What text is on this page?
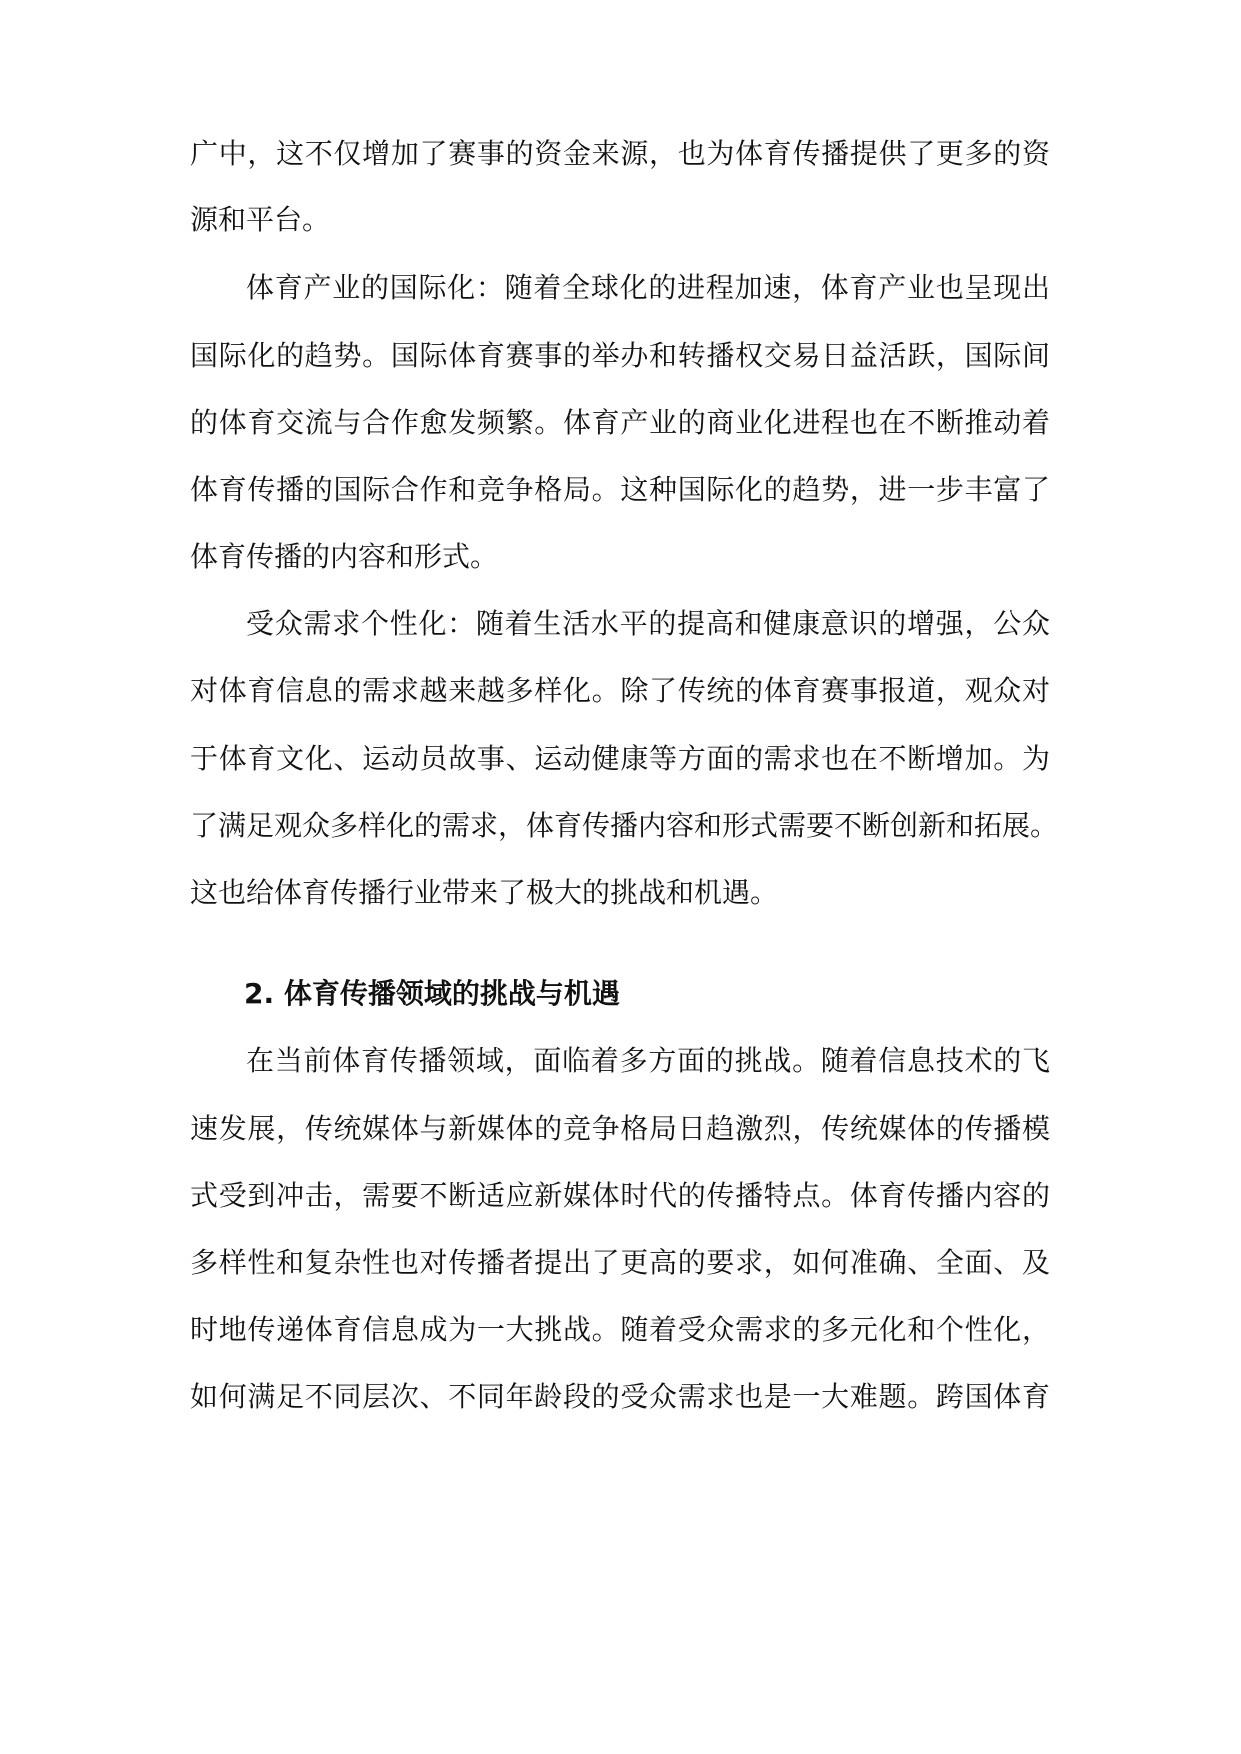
广中，这不仅增加了赛事的资金来源，也为体育传播提供了更多的资
源和平台。
体育产业的国际化：随着全球化的进程加速，体育产业也呈现出
国际化的趋势。国际体育赛事的举办和转播权交易日益活跃，国际间
的体育交流与合作愈发频繁。体育产业的商业化进程也在不断推动着
体育传播的国际合作和竞争格局。这种国际化的趋势，进一步丰富了
体育传播的内容和形式。
受众需求个性化：随着生活水平的提高和健康意识的增强，公众
对体育信息的需求越来越多样化。除了传统的体育赛事报道，观众对
于体育文化、运动员故事、运动健康等方面的需求也在不断增加。为
了满足观众多样化的需求，体育传播内容和形式需要不断创新和拓展。
这也给体育传播行业带来了极大的挑战和机遇。
2. 体育传播领域的挑战与机遇
在当前体育传播领域，面临着多方面的挑战。随着信息技术的飞
速发展，传统媒体与新媒体的竞争格局日趋激烈，传统媒体的传播模
式受到冲击，需要不断适应新媒体时代的传播特点。体育传播内容的
多样性和复杂性也对传播者提出了更高的要求，如何准确、全面、及
时地传递体育信息成为一大挑战。随着受众需求的多元化和个性化，
如何满足不同层次、不同年龄段的受众需求也是一大难题。跨国体育
